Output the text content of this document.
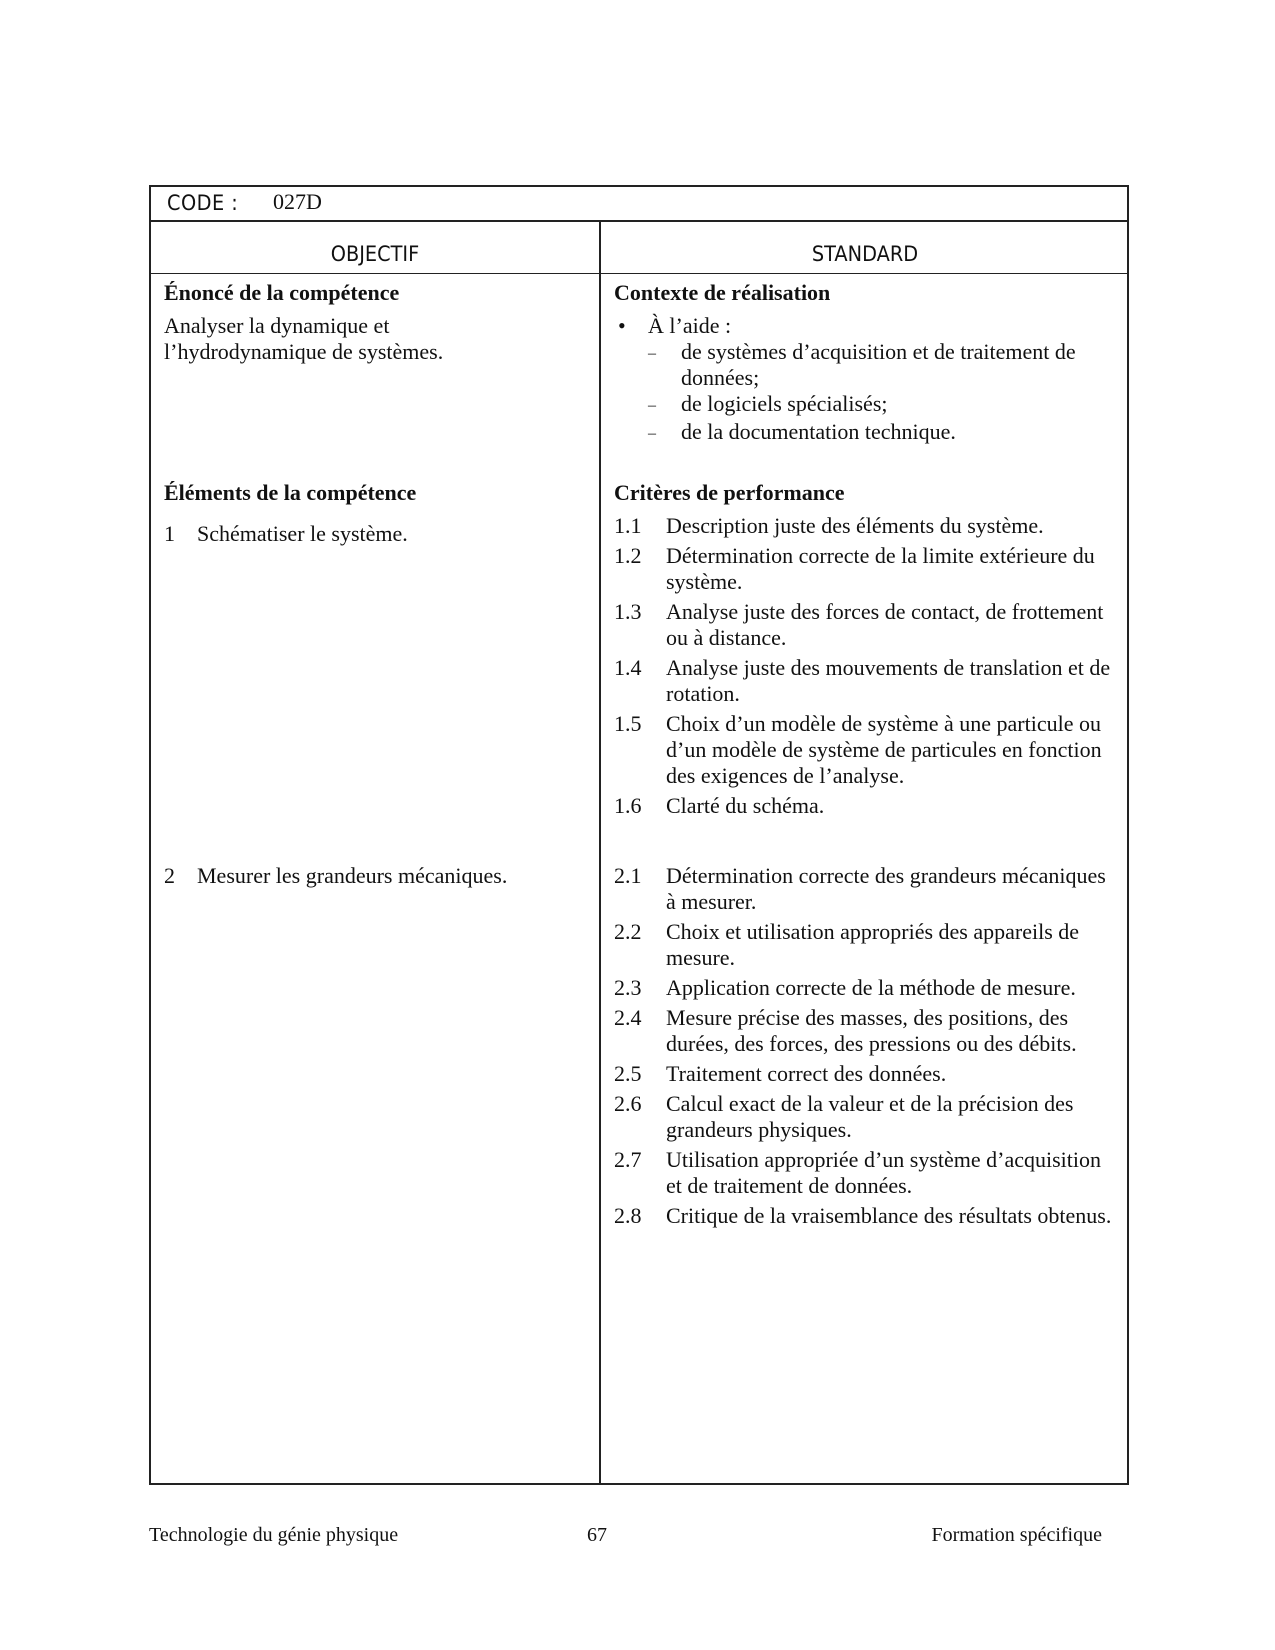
CODE : 027D
OBJECTIF	STANDARD
Énoncé de la compétence
Analyser la dynamique et
l’hydrodynamique de systèmes.
Éléments de la compétence
1	Schématiser le système.
2	Mesurer les grandeurs mécaniques.
Contexte de réalisation
•	À l’aide :
–	de systèmes d’acquisition et de traitement de données;
–	de logiciels spécialisés;
–	de la documentation technique.
Critères de performance
1.1	Description juste des éléments du système.
1.2	Détermination correcte de la limite extérieure du système.
1.3	Analyse juste des forces de contact, de frottement ou à distance.
1.4	Analyse juste des mouvements de translation et de rotation.
1.5	Choix d’un modèle de système à une particule ou d’un modèle de système de particules en fonction des exigences de l’analyse.
1.6	Clarté du schéma.
2.1	Détermination correcte des grandeurs mécaniques à mesurer.
2.2	Choix et utilisation appropriés des appareils de mesure.
2.3	Application correcte de la méthode de mesure.
2.4	Mesure précise des masses, des positions, des durées, des forces, des pressions ou des débits.
2.5	Traitement correct des données.
2.6	Calcul exact de la valeur et de la précision des grandeurs physiques.
2.7	Utilisation appropriée d’un système d’acquisition et de traitement de données.
2.8	Critique de la vraisemblance des résultats obtenus.
Technologie du génie physique	67	Formation spécifique
